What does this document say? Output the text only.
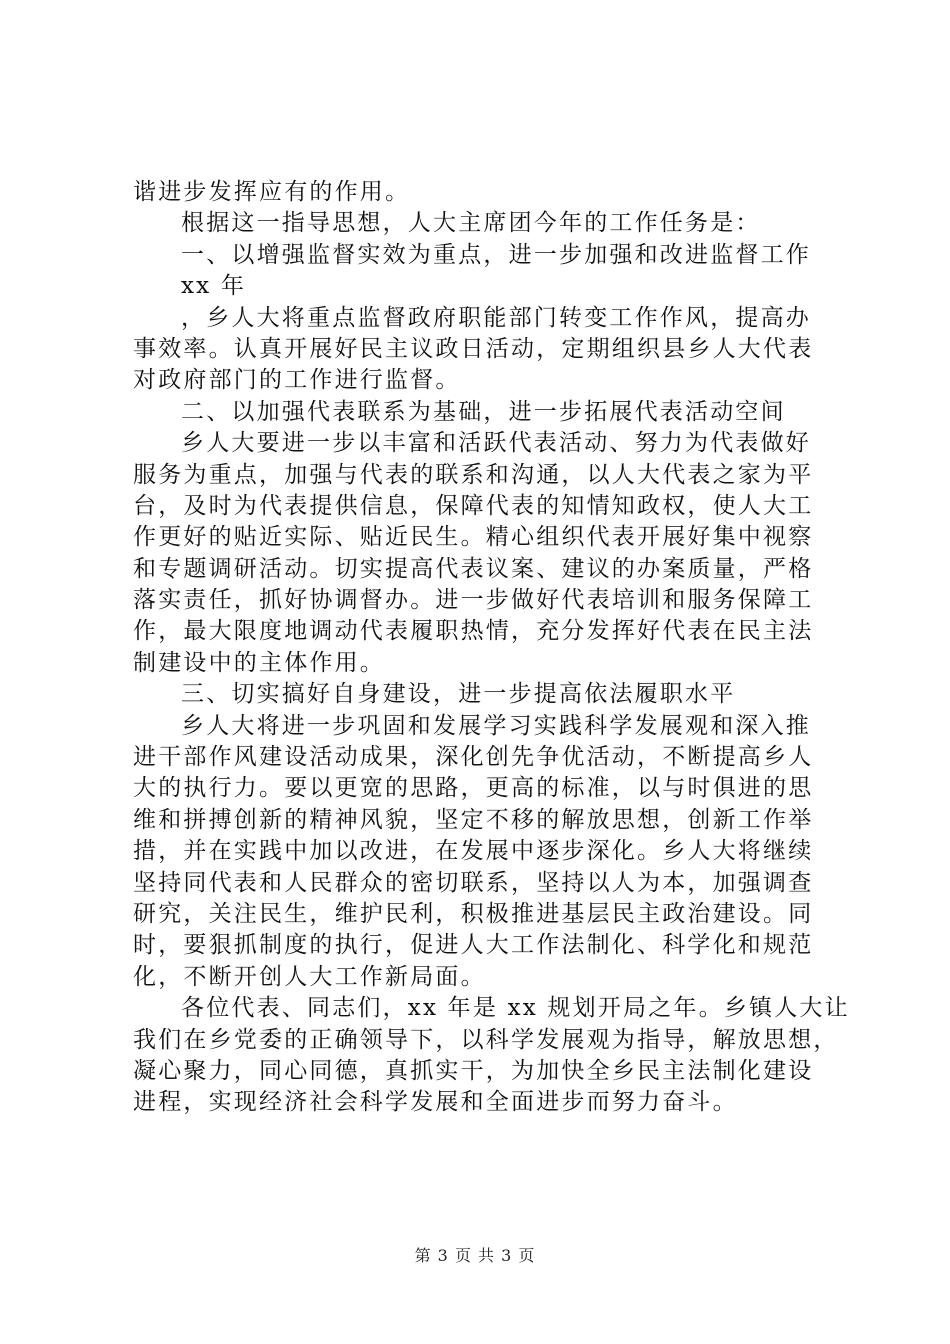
谐进步发挥应有的作用。
根据这一指导思想，人大主席团今年的工作任务是：
一、以增强监督实效为重点，进一步加强和改进监督工作
xx 年
，乡人大将重点监督政府职能部门转变工作作风，提高办
事效率。认真开展好民主议政日活动，定期组织县乡人大代表
对政府部门的工作进行监督。
二、以加强代表联系为基础，进一步拓展代表活动空间
乡人大要进一步以丰富和活跃代表活动、努力为代表做好
服务为重点，加强与代表的联系和沟通，以人大代表之家为平
台，及时为代表提供信息，保障代表的知情知政权，使人大工
作更好的贴近实际、贴近民生。精心组织代表开展好集中视察
和专题调研活动。切实提高代表议案、建议的办案质量，严格
落实责任，抓好协调督办。进一步做好代表培训和服务保障工
作，最大限度地调动代表履职热情，充分发挥好代表在民主法
制建设中的主体作用。
三、切实搞好自身建设，进一步提高依法履职水平
乡人大将进一步巩固和发展学习实践科学发展观和深入推
进干部作风建设活动成果，深化创先争优活动，不断提高乡人
大的执行力。要以更宽的思路，更高的标准，以与时俱进的思
维和拼搏创新的精神风貌，坚定不移的解放思想，创新工作举
措，并在实践中加以改进，在发展中逐步深化。乡人大将继续
坚持同代表和人民群众的密切联系，坚持以人为本，加强调查
研究，关注民生，维护民利，积极推进基层民主政治建设。同
时，要狠抓制度的执行，促进人大工作法制化、科学化和规范
化，不断开创人大工作新局面。
各位代表、同志们，xx 年是 xx 规划开局之年。乡镇人大让
我们在乡党委的正确领导下，以科学发展观为指导，解放思想，
凝心聚力，同心同德，真抓实干，为加快全乡民主法制化建设
进程，实现经济社会科学发展和全面进步而努力奋斗。
第 3 页 共 3 页
